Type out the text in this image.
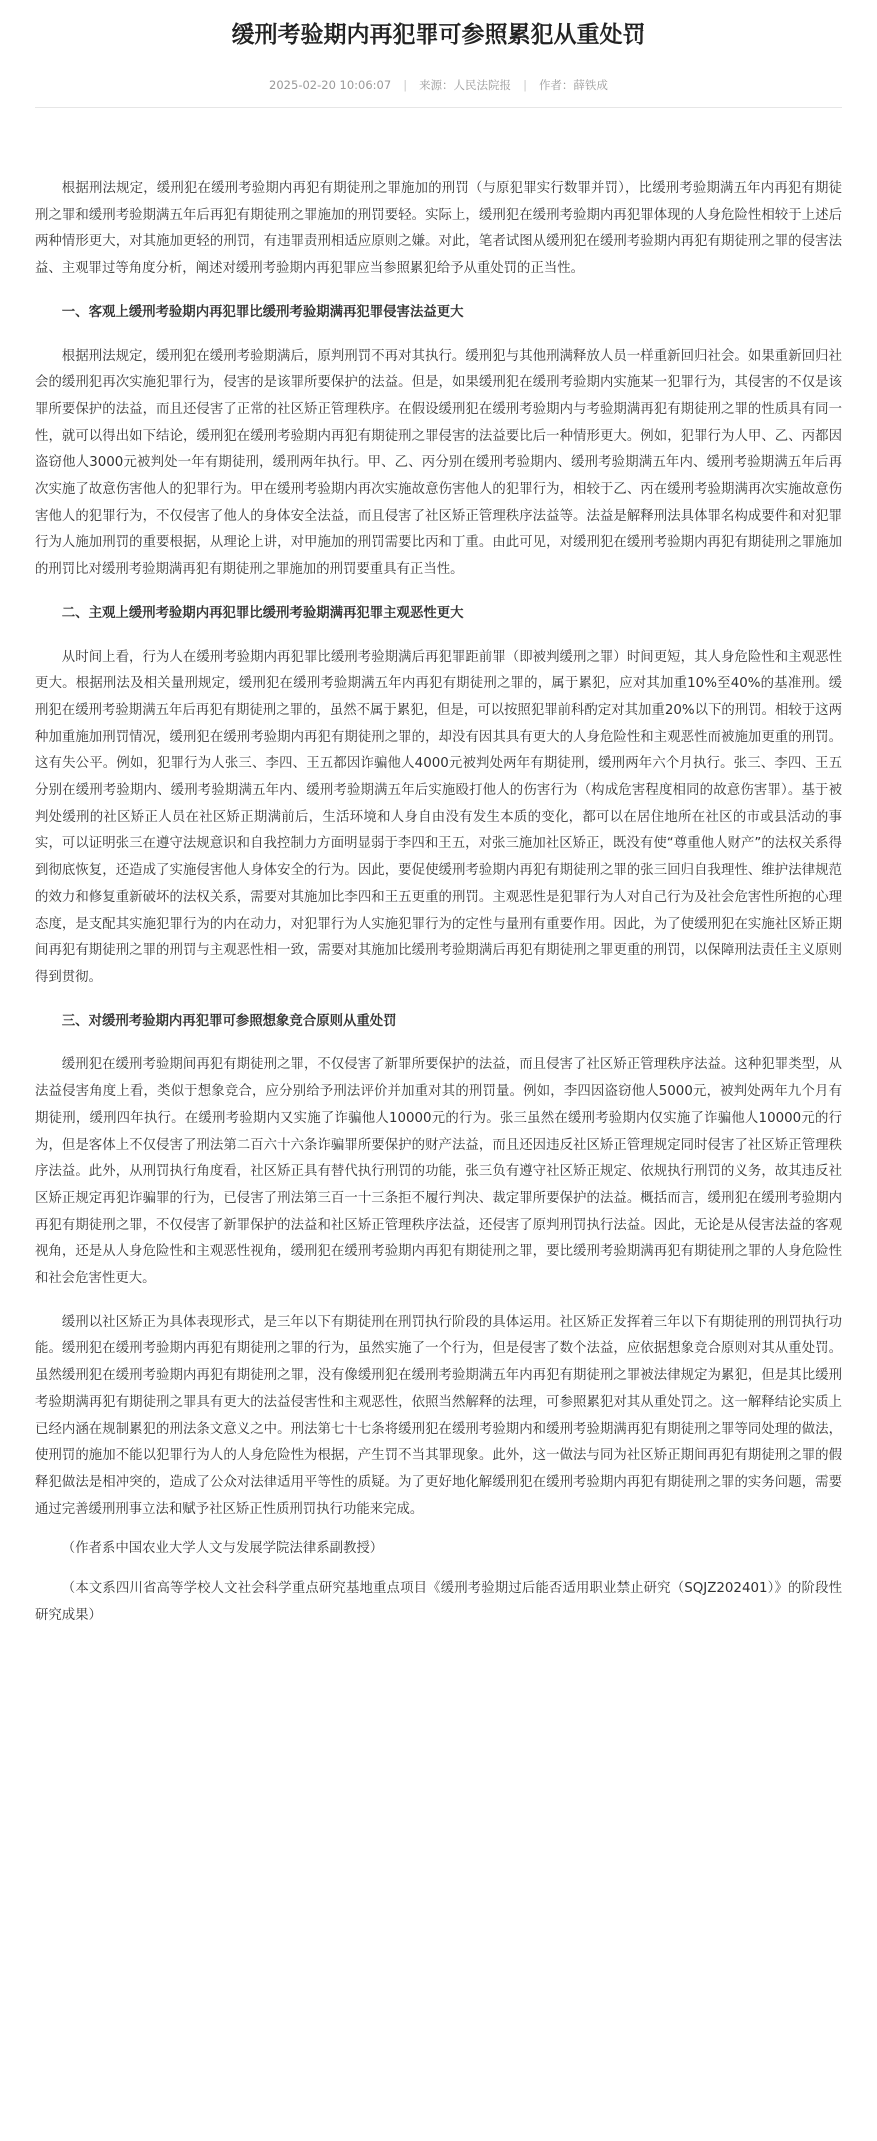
缓刑考验期内再犯罪可参照累犯从重处罚
2025-02-20 10:06:07 | 来源：人民法院报 | 作者：薛铁成

根据刑法规定，缓刑犯在缓刑考验期内再犯有期徒刑之罪施加的刑罚（与原犯罪实行数罪并罚），比缓刑考验期满五年内再犯有期徒刑之罪和缓刑考验期满五年后再犯有期徒刑之罪施加的刑罚要轻。实际上，缓刑犯在缓刑考验期内再犯罪体现的人身危险性相较于上述后两种情形更大，对其施加更轻的刑罚，有违罪责刑相适应原则之嫌。对此，笔者试图从缓刑犯在缓刑考验期内再犯有期徒刑之罪的侵害法益、主观罪过等角度分析，阐述对缓刑考验期内再犯罪应当参照累犯给予从重处罚的正当性。

一、客观上缓刑考验期内再犯罪比缓刑考验期满再犯罪侵害法益更大

根据刑法规定，缓刑犯在缓刑考验期满后，原判刑罚不再对其执行。缓刑犯与其他刑满释放人员一样重新回归社会。如果重新回归社会的缓刑犯再次实施犯罪行为，侵害的是该罪所要保护的法益。但是，如果缓刑犯在缓刑考验期内实施某一犯罪行为，其侵害的不仅是该罪所要保护的法益，而且还侵害了正常的社区矫正管理秩序。在假设缓刑犯在缓刑考验期内与考验期满再犯有期徒刑之罪的性质具有同一性，就可以得出如下结论，缓刑犯在缓刑考验期内再犯有期徒刑之罪侵害的法益要比后一种情形更大。例如，犯罪行为人甲、乙、丙都因盗窃他人3000元被判处一年有期徒刑，缓刑两年执行。甲、乙、丙分别在缓刑考验期内、缓刑考验期满五年内、缓刑考验期满五年后再次实施了故意伤害他人的犯罪行为。甲在缓刑考验期内再次实施故意伤害他人的犯罪行为，相较于乙、丙在缓刑考验期满再次实施故意伤害他人的犯罪行为，不仅侵害了他人的身体安全法益，而且侵害了社区矫正管理秩序法益等。法益是解释刑法具体罪名构成要件和对犯罪行为人施加刑罚的重要根据，从理论上讲，对甲施加的刑罚需要比丙和丁重。由此可见，对缓刑犯在缓刑考验期内再犯有期徒刑之罪施加的刑罚比对缓刑考验期满再犯有期徒刑之罪施加的刑罚要重具有正当性。

二、主观上缓刑考验期内再犯罪比缓刑考验期满再犯罪主观恶性更大

从时间上看，行为人在缓刑考验期内再犯罪比缓刑考验期满后再犯罪距前罪（即被判缓刑之罪）时间更短，其人身危险性和主观恶性更大。根据刑法及相关量刑规定，缓刑犯在缓刑考验期满五年内再犯有期徒刑之罪的，属于累犯，应对其加重10%至40%的基准刑。缓刑犯在缓刑考验期满五年后再犯有期徒刑之罪的，虽然不属于累犯，但是，可以按照犯罪前科酌定对其加重20%以下的刑罚。相较于这两种加重施加刑罚情况，缓刑犯在缓刑考验期内再犯有期徒刑之罪的，却没有因其具有更大的人身危险性和主观恶性而被施加更重的刑罚。这有失公平。例如，犯罪行为人张三、李四、王五都因诈骗他人4000元被判处两年有期徒刑，缓刑两年六个月执行。张三、李四、王五分别在缓刑考验期内、缓刑考验期满五年内、缓刑考验期满五年后实施殴打他人的伤害行为（构成危害程度相同的故意伤害罪）。基于被判处缓刑的社区矫正人员在社区矫正期满前后，生活环境和人身自由没有发生本质的变化，都可以在居住地所在社区的市或县活动的事实，可以证明张三在遵守法规意识和自我控制力方面明显弱于李四和王五，对张三施加社区矫正，既没有使“尊重他人财产”的法权关系得到彻底恢复，还造成了实施侵害他人身体安全的行为。因此，要促使缓刑考验期内再犯有期徒刑之罪的张三回归自我理性、维护法律规范的效力和修复重新破坏的法权关系，需要对其施加比李四和王五更重的刑罚。主观恶性是犯罪行为人对自己行为及社会危害性所抱的心理态度，是支配其实施犯罪行为的内在动力，对犯罪行为人实施犯罪行为的定性与量刑有重要作用。因此，为了使缓刑犯在实施社区矫正期间再犯有期徒刑之罪的刑罚与主观恶性相一致，需要对其施加比缓刑考验期满后再犯有期徒刑之罪更重的刑罚，以保障刑法责任主义原则得到贯彻。

三、对缓刑考验期内再犯罪可参照想象竞合原则从重处罚

缓刑犯在缓刑考验期间再犯有期徒刑之罪，不仅侵害了新罪所要保护的法益，而且侵害了社区矫正管理秩序法益。这种犯罪类型，从法益侵害角度上看，类似于想象竞合，应分别给予刑法评价并加重对其的刑罚量。例如，李四因盗窃他人5000元，被判处两年九个月有期徒刑，缓刑四年执行。在缓刑考验期内又实施了诈骗他人10000元的行为。张三虽然在缓刑考验期内仅实施了诈骗他人10000元的行为，但是客体上不仅侵害了刑法第二百六十六条诈骗罪所要保护的财产法益，而且还因违反社区矫正管理规定同时侵害了社区矫正管理秩序法益。此外，从刑罚执行角度看，社区矫正具有替代执行刑罚的功能，张三负有遵守社区矫正规定、依规执行刑罚的义务，故其违反社区矫正规定再犯诈骗罪的行为，已侵害了刑法第三百一十三条拒不履行判决、裁定罪所要保护的法益。概括而言，缓刑犯在缓刑考验期内再犯有期徒刑之罪，不仅侵害了新罪保护的法益和社区矫正管理秩序法益，还侵害了原判刑罚执行法益。因此，无论是从侵害法益的客观视角，还是从人身危险性和主观恶性视角，缓刑犯在缓刑考验期内再犯有期徒刑之罪，要比缓刑考验期满再犯有期徒刑之罪的人身危险性和社会危害性更大。

缓刑以社区矫正为具体表现形式，是三年以下有期徒刑在刑罚执行阶段的具体运用。社区矫正发挥着三年以下有期徒刑的刑罚执行功能。缓刑犯在缓刑考验期内再犯有期徒刑之罪的行为，虽然实施了一个行为，但是侵害了数个法益，应依据想象竞合原则对其从重处罚。虽然缓刑犯在缓刑考验期内再犯有期徒刑之罪，没有像缓刑犯在缓刑考验期满五年内再犯有期徒刑之罪被法律规定为累犯，但是其比缓刑考验期满再犯有期徒刑之罪具有更大的法益侵害性和主观恶性，依照当然解释的法理，可参照累犯对其从重处罚之。这一解释结论实质上已经内涵在规制累犯的刑法条文意义之中。刑法第七十七条将缓刑犯在缓刑考验期内和缓刑考验期满再犯有期徒刑之罪等同处理的做法，使刑罚的施加不能以犯罪行为人的人身危险性为根据，产生罚不当其罪现象。此外，这一做法与同为社区矫正期间再犯有期徒刑之罪的假释犯做法是相冲突的，造成了公众对法律适用平等性的质疑。为了更好地化解缓刑犯在缓刑考验期内再犯有期徒刑之罪的实务问题，需要通过完善缓刑刑事立法和赋予社区矫正性质刑罚执行功能来完成。

（作者系中国农业大学人文与发展学院法律系副教授）

（本文系四川省高等学校人文社会科学重点研究基地重点项目《缓刑考验期过后能否适用职业禁止研究（SQJZ202401）》的阶段性研究成果）
